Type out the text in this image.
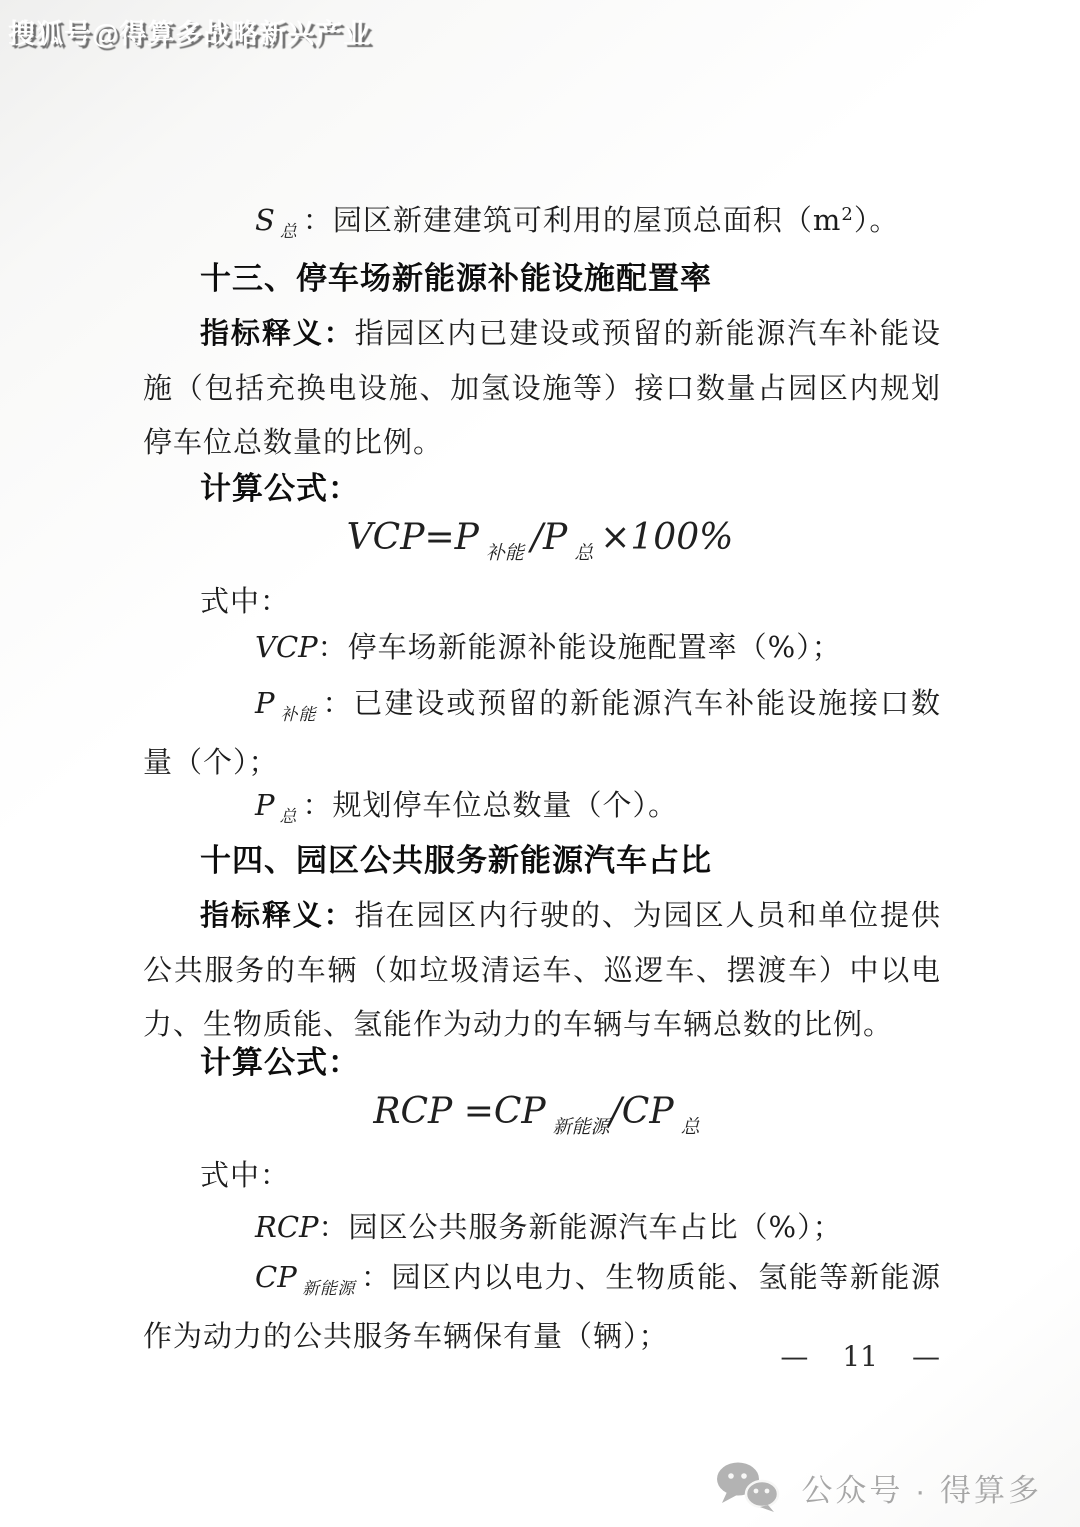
搜狐号@得算多战略新兴产业

S $_总$ ：园区新建建筑可利用的屋顶总面积$(m^2)$。

十三、停车场新能源补能设施配置率

指标释义：指园区内已建设或预留的新能源汽车补能设施（包括充换电设施、加氢设施等）接口数量占园区内规划停车位总数量的比例。

计算公式：

VCP=P $_{补能}$ /P $_总$ ×100%

式中：

VCP：停车场新能源补能设施配置率（%）；

P $_{补能}$ ：已建设或预留的新能源汽车补能设施接口数量（个）；

P $_总$ ：规划停车位总数量（个）。

十四、园区公共服务新能源汽车占比

指标释义：指在园区内行驶的、为园区人员和单位提供公共服务的车辆（如垃圾清运车、巡逻车、摆渡车）中以电力、生物质能、氢能作为动力的车辆与车辆总数的比例。

计算公式：

RCP =CP $_{新能源}$/CP $_总$

式中：

RCP：园区公共服务新能源汽车占比（%）；

CP $_{新能源}$ ：园区内以电力、生物质能、氢能等新能源作为动力的公共服务车辆保有量（辆）；

— 11 —
公众号 · 得算多
